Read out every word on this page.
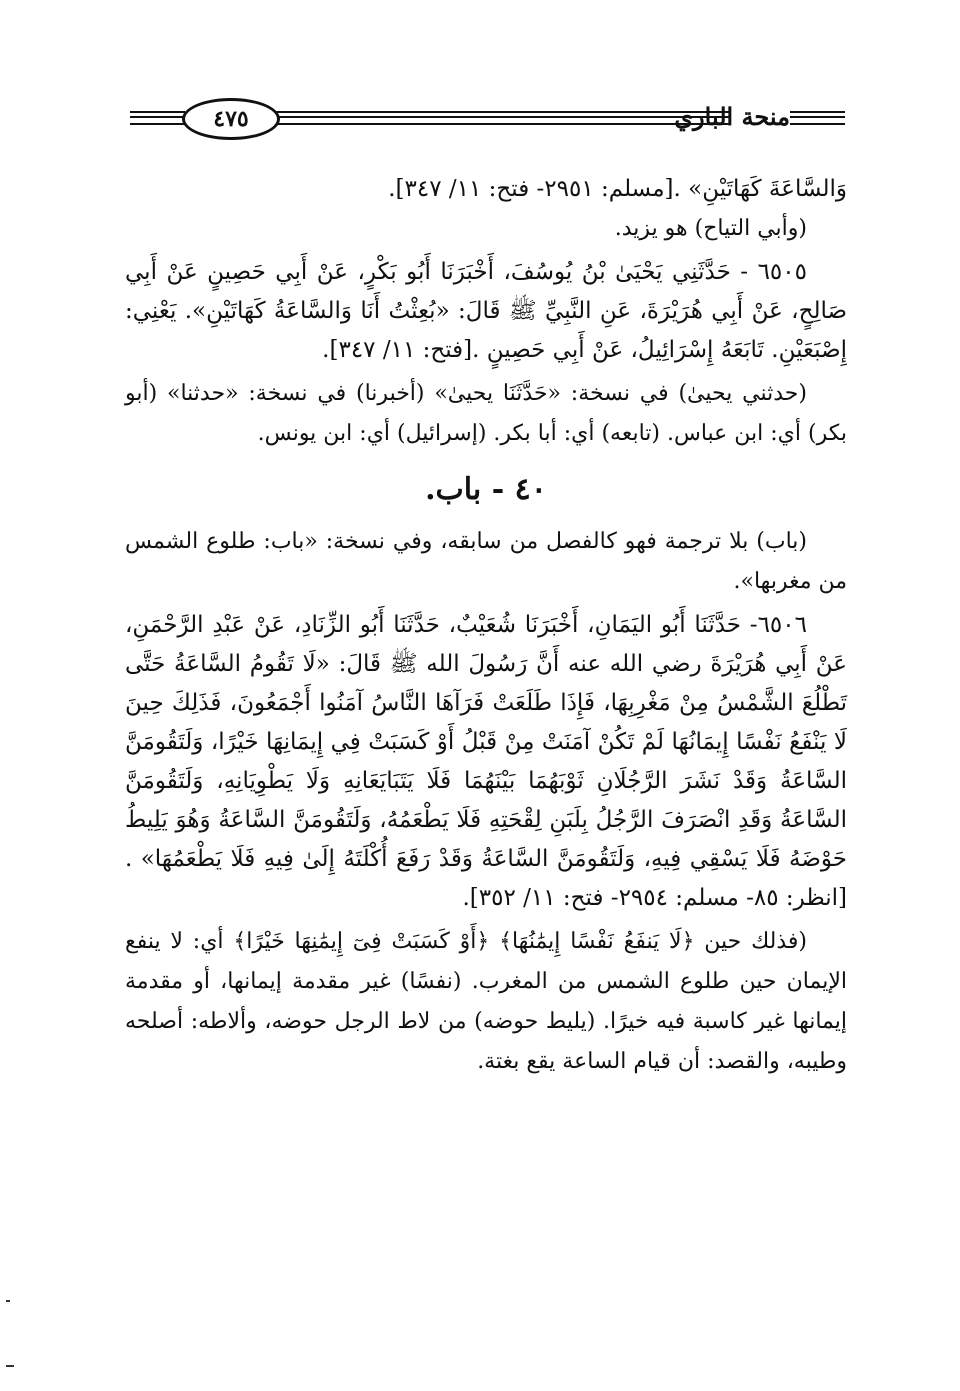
٤٧٥	منحة الباري

وَالسَّاعَةَ كَهَاتَيْنِ» .[مسلم: ٢٩٥١- فتح: ١١/ ٣٤٧].

(وأبي التياح) هو يزيد.

٦٥٠٥ - حَدَّثَنِي يَحْيَىٰ بْنُ يُوسُفَ، أَخْبَرَنَا أَبُو بَكْرٍ، عَنْ أَبِي حَصِينٍ عَنْ أَبِي صَالِحٍ، عَنْ أَبِي هُرَيْرَةَ، عَنِ النَّبِيِّ ﷺ قَالَ: «بُعِثْتُ أَنَا وَالسَّاعَةُ كَهَاتَيْنِ». يَعْنِي: إِصْبَعَيْنِ. تَابَعَهُ إِسْرَائِيلُ، عَنْ أَبِي حَصِينٍ .[فتح: ١١/ ٣٤٧].

(حدثني يحيىٰ) في نسخة: «حَدَّثَنَا يحيىٰ» (أخبرنا) في نسخة: «حدثنا» (أبو بكر) أي: ابن عباس. (تابعه) أي: أبا بكر. (إسرائيل) أي: ابن يونس.

٤٠ - باب.

(باب) بلا ترجمة فهو كالفصل من سابقه، وفي نسخة: «باب: طلوع الشمس من مغربها».

٦٥٠٦- حَدَّثَنَا أَبُو اليَمَانِ، أَخْبَرَنَا شُعَيْبٌ، حَدَّثَنَا أَبُو الزِّنَادِ، عَنْ عَبْدِ الرَّحْمَنِ، عَنْ أَبِي هُرَيْرَةَ رضي الله عنه أَنَّ رَسُولَ الله ﷺ قَالَ: «لَا تَقُومُ السَّاعَةُ حَتَّى تَطْلُعَ الشَّمْسُ مِنْ مَغْرِبِهَا، فَإِذَا طَلَعَتْ فَرَآهَا النَّاسُ آمَنُوا أَجْمَعُونَ، فَذَلِكَ حِينَ لَا يَنْفَعُ نَفْسًا إِيمَانُهَا لَمْ تَكُنْ آمَنَتْ مِنْ قَبْلُ أَوْ كَسَبَتْ فِي إِيمَانِهَا خَيْرًا، وَلَتَقُومَنَّ السَّاعَةُ وَقَدْ نَشَرَ الرَّجُلَانِ ثَوْبَهُمَا بَيْنَهُمَا فَلَا يَتَبَايَعَانِهِ وَلَا يَطْوِيَانِهِ، وَلَتَقُومَنَّ السَّاعَةُ وَقَدِ انْصَرَفَ الرَّجُلُ بِلَبَنِ لِقْحَتِهِ فَلَا يَطْعَمُهُ، وَلَتَقُومَنَّ السَّاعَةُ وَهُوَ يَلِيطُ حَوْضَهُ فَلَا يَسْقِي فِيهِ، وَلَتَقُومَنَّ السَّاعَةُ وَقَدْ رَفَعَ أُكْلَتَهُ إِلَىٰ فِيهِ فَلَا يَطْعَمُهَا» .[انظر: ٨٥- مسلم: ٢٩٥٤- فتح: ١١/ ٣٥٢].

(فذلك حين ﴿لَا يَنفَعُ نَفْسًا إِيمَٰنُهَا﴾ ﴿أَوْ كَسَبَتْ فِىٓ إِيمَٰنِهَا خَيْرًا﴾ أي: لا ينفع الإيمان حين طلوع الشمس من المغرب. (نفسًا) غير مقدمة إيمانها، أو مقدمة إيمانها غير كاسبة فيه خيرًا. (يليط حوضه) من لاط الرجل حوضه، وألاطه: أصلحه وطيبه، والقصد: أن قيام الساعة يقع بغتة.
